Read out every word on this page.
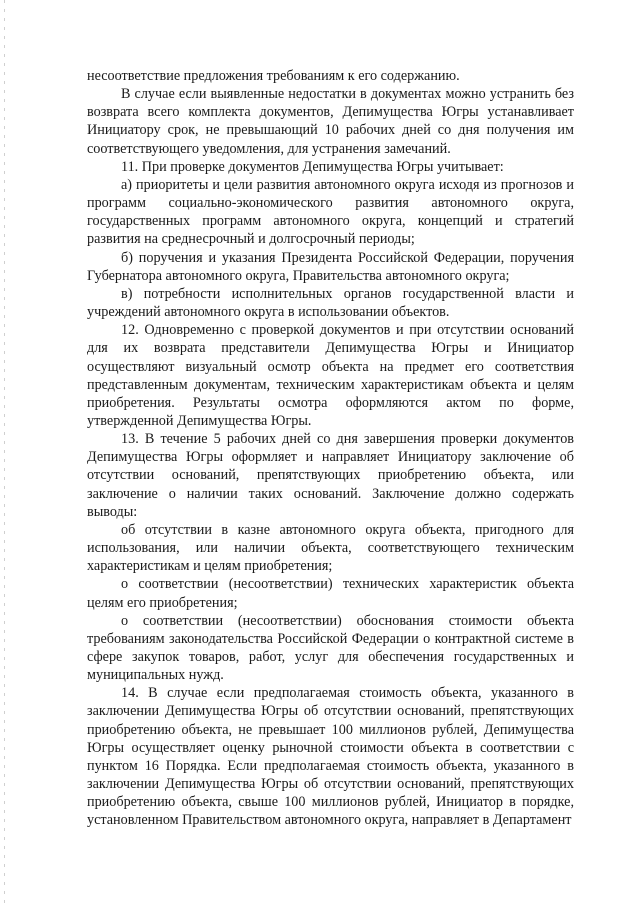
несоответствие предложения требованиям к его содержанию.

В случае если выявленные недостатки в документах можно устранить без возврата всего комплекта документов, Депимущества Югры устанавливает Инициатору срок, не превышающий 10 рабочих дней со дня получения им соответствующего уведомления, для устранения замечаний.

11. При проверке документов Депимущества Югры учитывает:

а) приоритеты и цели развития автономного округа исходя из прогнозов и программ социально-экономического развития автономного округа, государственных программ автономного округа, концепций и стратегий развития на среднесрочный и долгосрочный периоды;

б) поручения и указания Президента Российской Федерации, поручения Губернатора автономного округа, Правительства автономного округа;

в) потребности исполнительных органов государственной власти и учреждений автономного округа в использовании объектов.

12. Одновременно с проверкой документов и при отсутствии оснований для их возврата представители Депимущества Югры и Инициатор осуществляют визуальный осмотр объекта на предмет его соответствия представленным документам, техническим характеристикам объекта и целям приобретения. Результаты осмотра оформляются актом по форме, утвержденной Депимущества Югры.

13. В течение 5 рабочих дней со дня завершения проверки документов Депимущества Югры оформляет и направляет Инициатору заключение об отсутствии оснований, препятствующих приобретению объекта, или заключение о наличии таких оснований. Заключение должно содержать выводы:

об отсутствии в казне автономного округа объекта, пригодного для использования, или наличии объекта, соответствующего техническим характеристикам и целям приобретения;

о соответствии (несоответствии) технических характеристик объекта целям его приобретения;

о соответствии (несоответствии) обоснования стоимости объекта требованиям законодательства Российской Федерации о контрактной системе в сфере закупок товаров, работ, услуг для обеспечения государственных и муниципальных нужд.

14. В случае если предполагаемая стоимость объекта, указанного в заключении Депимущества Югры об отсутствии оснований, препятствующих приобретению объекта, не превышает 100 миллионов рублей, Депимущества Югры осуществляет оценку рыночной стоимости объекта в соответствии с пунктом 16 Порядка. Если предполагаемая стоимость объекта, указанного в заключении Депимущества Югры об отсутствии оснований, препятствующих приобретению объекта, свыше 100 миллионов рублей, Инициатор в порядке, установленном Правительством автономного округа, направляет в Департамент
